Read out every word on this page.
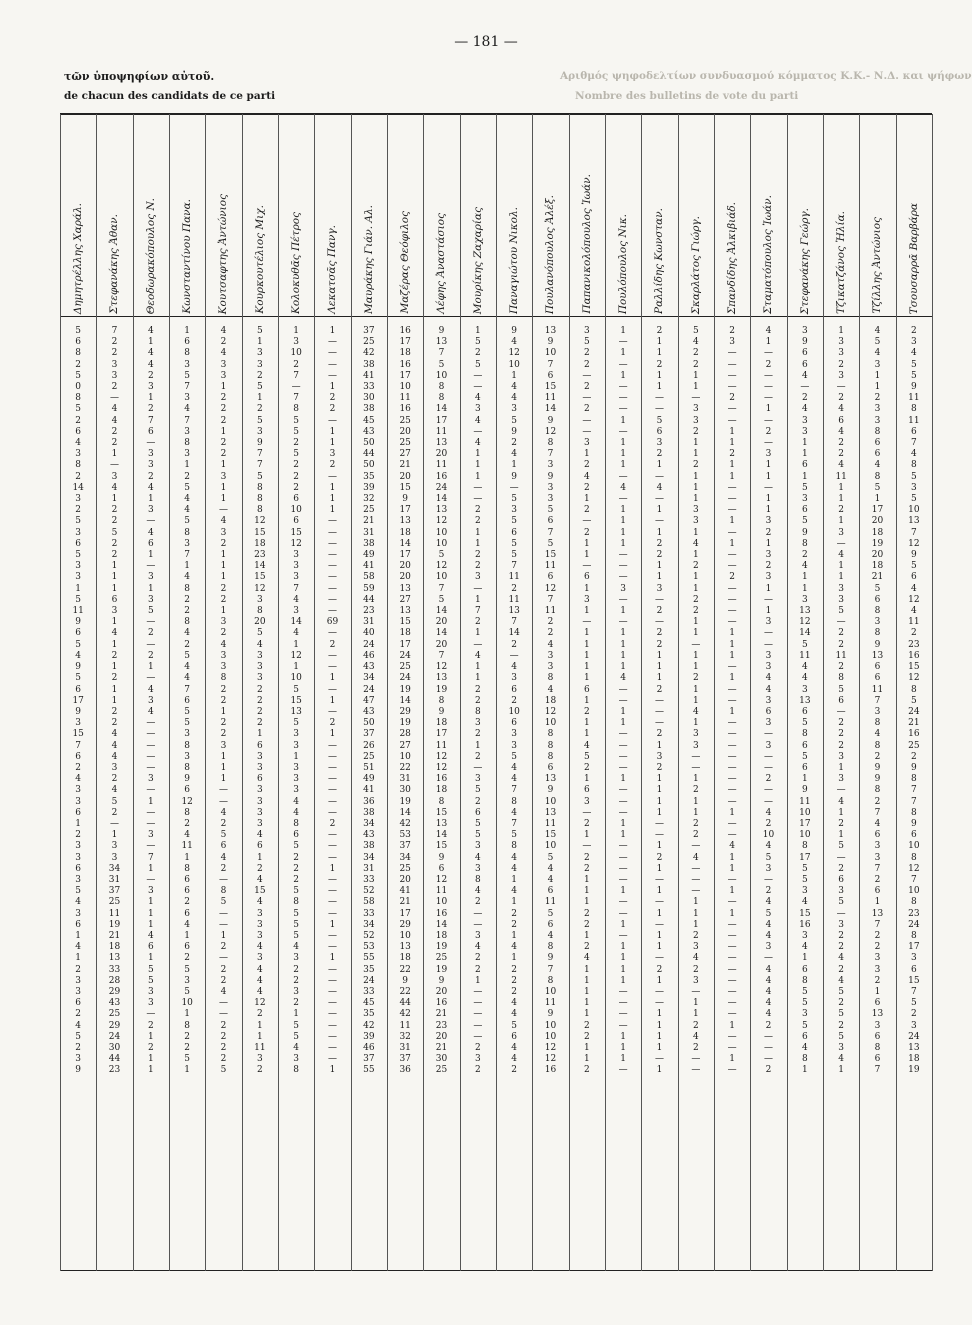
— 181 —
Αριθμός ψηφοδελτίων συνδυασμού κόμματος Κ.Κ.- Ν.Δ. και ψήφων
Nombre des bulletins de vote du parti
τῶν ὑποψηφίων αὐτοῦ.
de chacun des candidats de ce parti
Δημητρέλλης Χαράλ.
5
6
8
2
5
0
8
5
2
6
4
3
8
2
14
3
2
5
3
6
5
3
3
1
5
11
9
6
5
4
9
5
6
17
9
3
15
7
6
2
4
3
3
6
1
2
3
3
6
3
5
4
3
6
1
4
1
2
3
3
6
2
4
5
2
3
9
Στεφανάκης Ἀθαν.
7
2
2
3
3
2
—
4
4
2
2
1
—
3
4
1
2
2
5
2
2
1
1
1
6
3
1
4
1
2
1
2
1
1
2
2
4
4
4
3
2
4
5
2
—
1
3
3
34
31
37
25
11
19
21
18
13
33
28
29
43
25
29
24
30
44
23
Θεοδωρακόπουλος Ν.
4
1
4
4
2
3
1
2
7
6
—
3
3
2
4
1
3
—
4
6
1
—
3
1
3
5
—
2
—
2
1
—
4
3
4
—
—
—
—
—
3
—
1
—
—
3
—
7
1
—
3
1
1
1
4
6
1
5
5
3
3
—
2
1
2
1
1
Κωνσταντίνου Πανα.
1
6
8
3
5
7
3
4
7
3
8
3
1
2
5
4
4
5
8
3
7
1
4
8
2
2
8
4
2
5
4
4
7
6
5
5
3
8
3
8
9
6
12
8
2
4
11
1
8
6
6
2
6
4
1
6
2
5
3
5
10
1
8
2
2
5
1
Κουτσαφτης Ἀντώνιος
4
2
4
3
3
1
2
2
2
1
2
2
1
3
1
1
—
4
3
2
1
1
1
2
2
1
3
2
4
3
3
8
2
2
1
2
2
3
1
1
1
—
—
4
2
5
6
4
2
—
8
5
—
—
1
2
—
2
2
4
—
—
2
2
2
2
5
Κουρκουτέλιος Μιχ.
5
1
3
3
2
5
1
2
5
3
9
7
7
5
8
8
8
12
15
18
23
14
15
12
3
8
20
5
4
3
3
3
2
2
2
2
1
6
3
3
6
3
3
3
3
4
6
1
2
4
15
4
3
3
3
4
3
4
4
4
12
2
1
1
11
3
2
Κολοκυθᾶς Πέτρος
1
3
10
2
7
—
7
8
5
5
2
5
2
2
2
6
10
6
15
12
3
3
3
7
4
3
14
4
1
12
1
10
5
15
13
5
3
3
1
3
3
3
4
4
8
6
5
2
2
2
5
8
5
5
5
4
3
2
2
3
2
1
5
5
4
3
8
Λεκατσᾶς Πανγ.
1
—
—
—
—
1
2
2
—
1
1
3
2
—
1
1
1
—
—
—
—
—
—
—
—
—
69
—
2
—
—
1
—
1
—
2
1
—
—
—
—
—
—
—
2
—
—
—
1
—
—
—
—
1
—
—
1
—
—
—
—
—
—
—
—
—
1
Μαυράκης Γιάν. Αλ.
37
25
42
38
41
33
30
38
45
43
50
44
50
35
39
32
25
21
31
38
49
41
58
59
44
23
31
40
24
46
43
34
24
47
43
50
37
26
25
51
49
41
36
38
34
43
38
34
31
33
52
58
33
34
52
53
55
35
24
33
45
35
42
39
46
37
55
Μαζέρας Θεόφιλος
16
17
18
16
17
10
11
16
25
20
25
27
21
20
15
9
17
13
18
14
17
20
20
13
27
13
15
18
17
24
25
24
19
14
29
19
28
27
10
22
31
30
19
14
42
53
37
34
25
20
41
21
17
29
10
13
18
22
9
22
44
42
11
32
31
37
36
Λέφης Ἀναστάσιος
9
13
7
5
10
8
8
14
17
11
13
20
11
16
24
14
13
12
10
10
5
12
10
7
5
14
20
14
20
7
12
13
19
8
9
18
17
11
12
12
16
18
8
15
13
14
15
9
6
12
11
10
16
14
18
19
25
19
9
20
16
21
23
20
21
30
25
Μουρίκης Ζαχαρίας
1
5
2
5
—
—
4
3
4
—
4
1
1
1
—
—
2
2
1
1
2
2
3
—
1
7
2
1
—
4
1
1
2
2
8
3
2
1
2
—
3
5
2
6
5
5
3
4
3
8
4
2
—
—
3
4
2
2
1
—
—
—
—
—
2
3
2
Παναγιώτου Νικολ.
9
4
12
10
1
4
4
3
5
9
2
4
1
9
—
5
3
5
6
5
5
7
11
2
11
13
7
14
2
—
4
3
6
2
10
6
3
3
5
4
4
7
8
4
7
5
8
4
4
1
4
1
2
2
1
4
1
2
2
2
4
4
5
6
4
4
2
Πουλανόπουλος Ἀλέξ.
13
9
10
7
6
15
11
14
9
12
8
7
3
9
3
3
5
6
7
5
15
11
6
12
7
11
2
2
4
3
3
8
4
18
12
10
8
8
8
6
13
9
10
13
11
15
10
5
4
4
6
11
5
6
4
8
9
7
8
10
11
9
10
10
12
12
16
Παπανικολόπουλος Ἰωάν.
3
5
2
2
—
2
—
2
—
—
3
1
2
4
2
1
2
—
2
1
1
—
6
1
3
1
—
1
1
1
1
1
6
1
2
1
1
4
5
2
1
6
3
—
2
1
—
2
2
1
1
1
2
2
1
2
4
1
1
1
1
1
2
2
1
1
2
Πουλόπουλος Νικ.
1
—
1
—
1
—
—
—
1
—
1
1
1
—
4
—
1
1
1
1
—
—
—
3
—
1
—
1
1
1
1
4
—
—
1
1
—
—
—
—
1
—
—
—
1
1
—
—
—
—
1
—
—
1
—
1
1
1
1
—
—
—
—
1
1
1
—
Ραλλίδης Κωνσταν.
2
1
1
2
1
1
—
—
5
6
3
2
1
—
4
—
1
—
1
2
2
1
1
3
—
2
—
2
2
1
1
1
2
—
—
—
2
1
3
2
1
1
1
1
—
—
1
2
1
—
1
—
1
—
1
1
—
2
1
—
—
1
1
1
1
—
1
Σκαρλάτος Γιώργ.
5
4
2
2
1
1
—
3
3
2
1
1
2
1
1
1
3
3
1
4
1
2
1
1
2
2
1
1
—
1
1
2
1
1
4
1
3
3
—
—
1
2
1
1
2
2
—
4
—
—
—
1
1
1
2
3
4
2
3
—
1
1
2
4
2
—
—
Σπανδίδης Ἀλκιβιάδ.
2
3
—
—
—
—
2
—
—
1
1
2
1
1
—
—
—
1
—
1
—
—
2
—
—
—
—
1
1
1
—
1
—
—
1
—
—
—
—
—
—
—
—
1
—
—
4
1
1
—
1
—
1
—
—
—
—
—
—
—
—
—
1
—
—
1
—
Σταματόπουλος Ἰωάν.
4
1
—
2
—
—
—
1
—
2
—
3
1
1
—
1
1
3
2
1
3
2
3
1
—
1
3
—
—
3
3
4
4
3
6
3
—
3
—
—
2
—
—
4
2
10
4
5
3
—
2
4
5
4
4
3
—
4
4
4
4
4
2
—
—
—
2
Στεφανάκης Γεώργ.
3
9
6
6
4
—
2
4
3
3
1
1
6
1
5
3
6
5
9
8
2
4
1
1
3
13
12
14
5
11
4
4
3
13
6
5
8
6
5
6
1
9
11
10
17
10
8
17
5
5
3
4
15
16
3
4
1
6
8
5
5
3
5
6
4
8
1
Τζικατζάνος Ἠλία.
1
3
3
2
3
—
2
4
6
4
2
2
4
11
1
1
2
1
3
—
4
1
1
3
3
5
—
2
2
11
2
8
5
6
—
2
2
2
3
1
3
—
4
1
2
1
5
—
2
6
3
5
—
3
2
2
4
2
4
5
2
5
2
5
3
4
1
Τζίλλης Ἀντώνιος
4
5
4
3
1
1
2
3
3
8
6
6
4
8
5
1
17
20
18
19
20
18
21
5
6
8
3
8
9
13
6
6
11
7
3
8
4
8
2
9
9
8
2
7
4
6
3
3
7
2
6
1
13
7
2
2
3
3
2
1
6
13
3
6
8
6
7
Τσουσαρρᾶ Βαρβάρα
2
3
4
5
5
9
11
8
11
6
7
4
8
5
3
5
10
13
7
12
9
5
6
4
12
4
11
2
23
16
15
12
8
5
24
21
16
25
2
9
8
7
7
8
9
6
10
8
12
7
10
8
23
24
8
17
3
6
15
7
5
2
3
24
13
18
19
